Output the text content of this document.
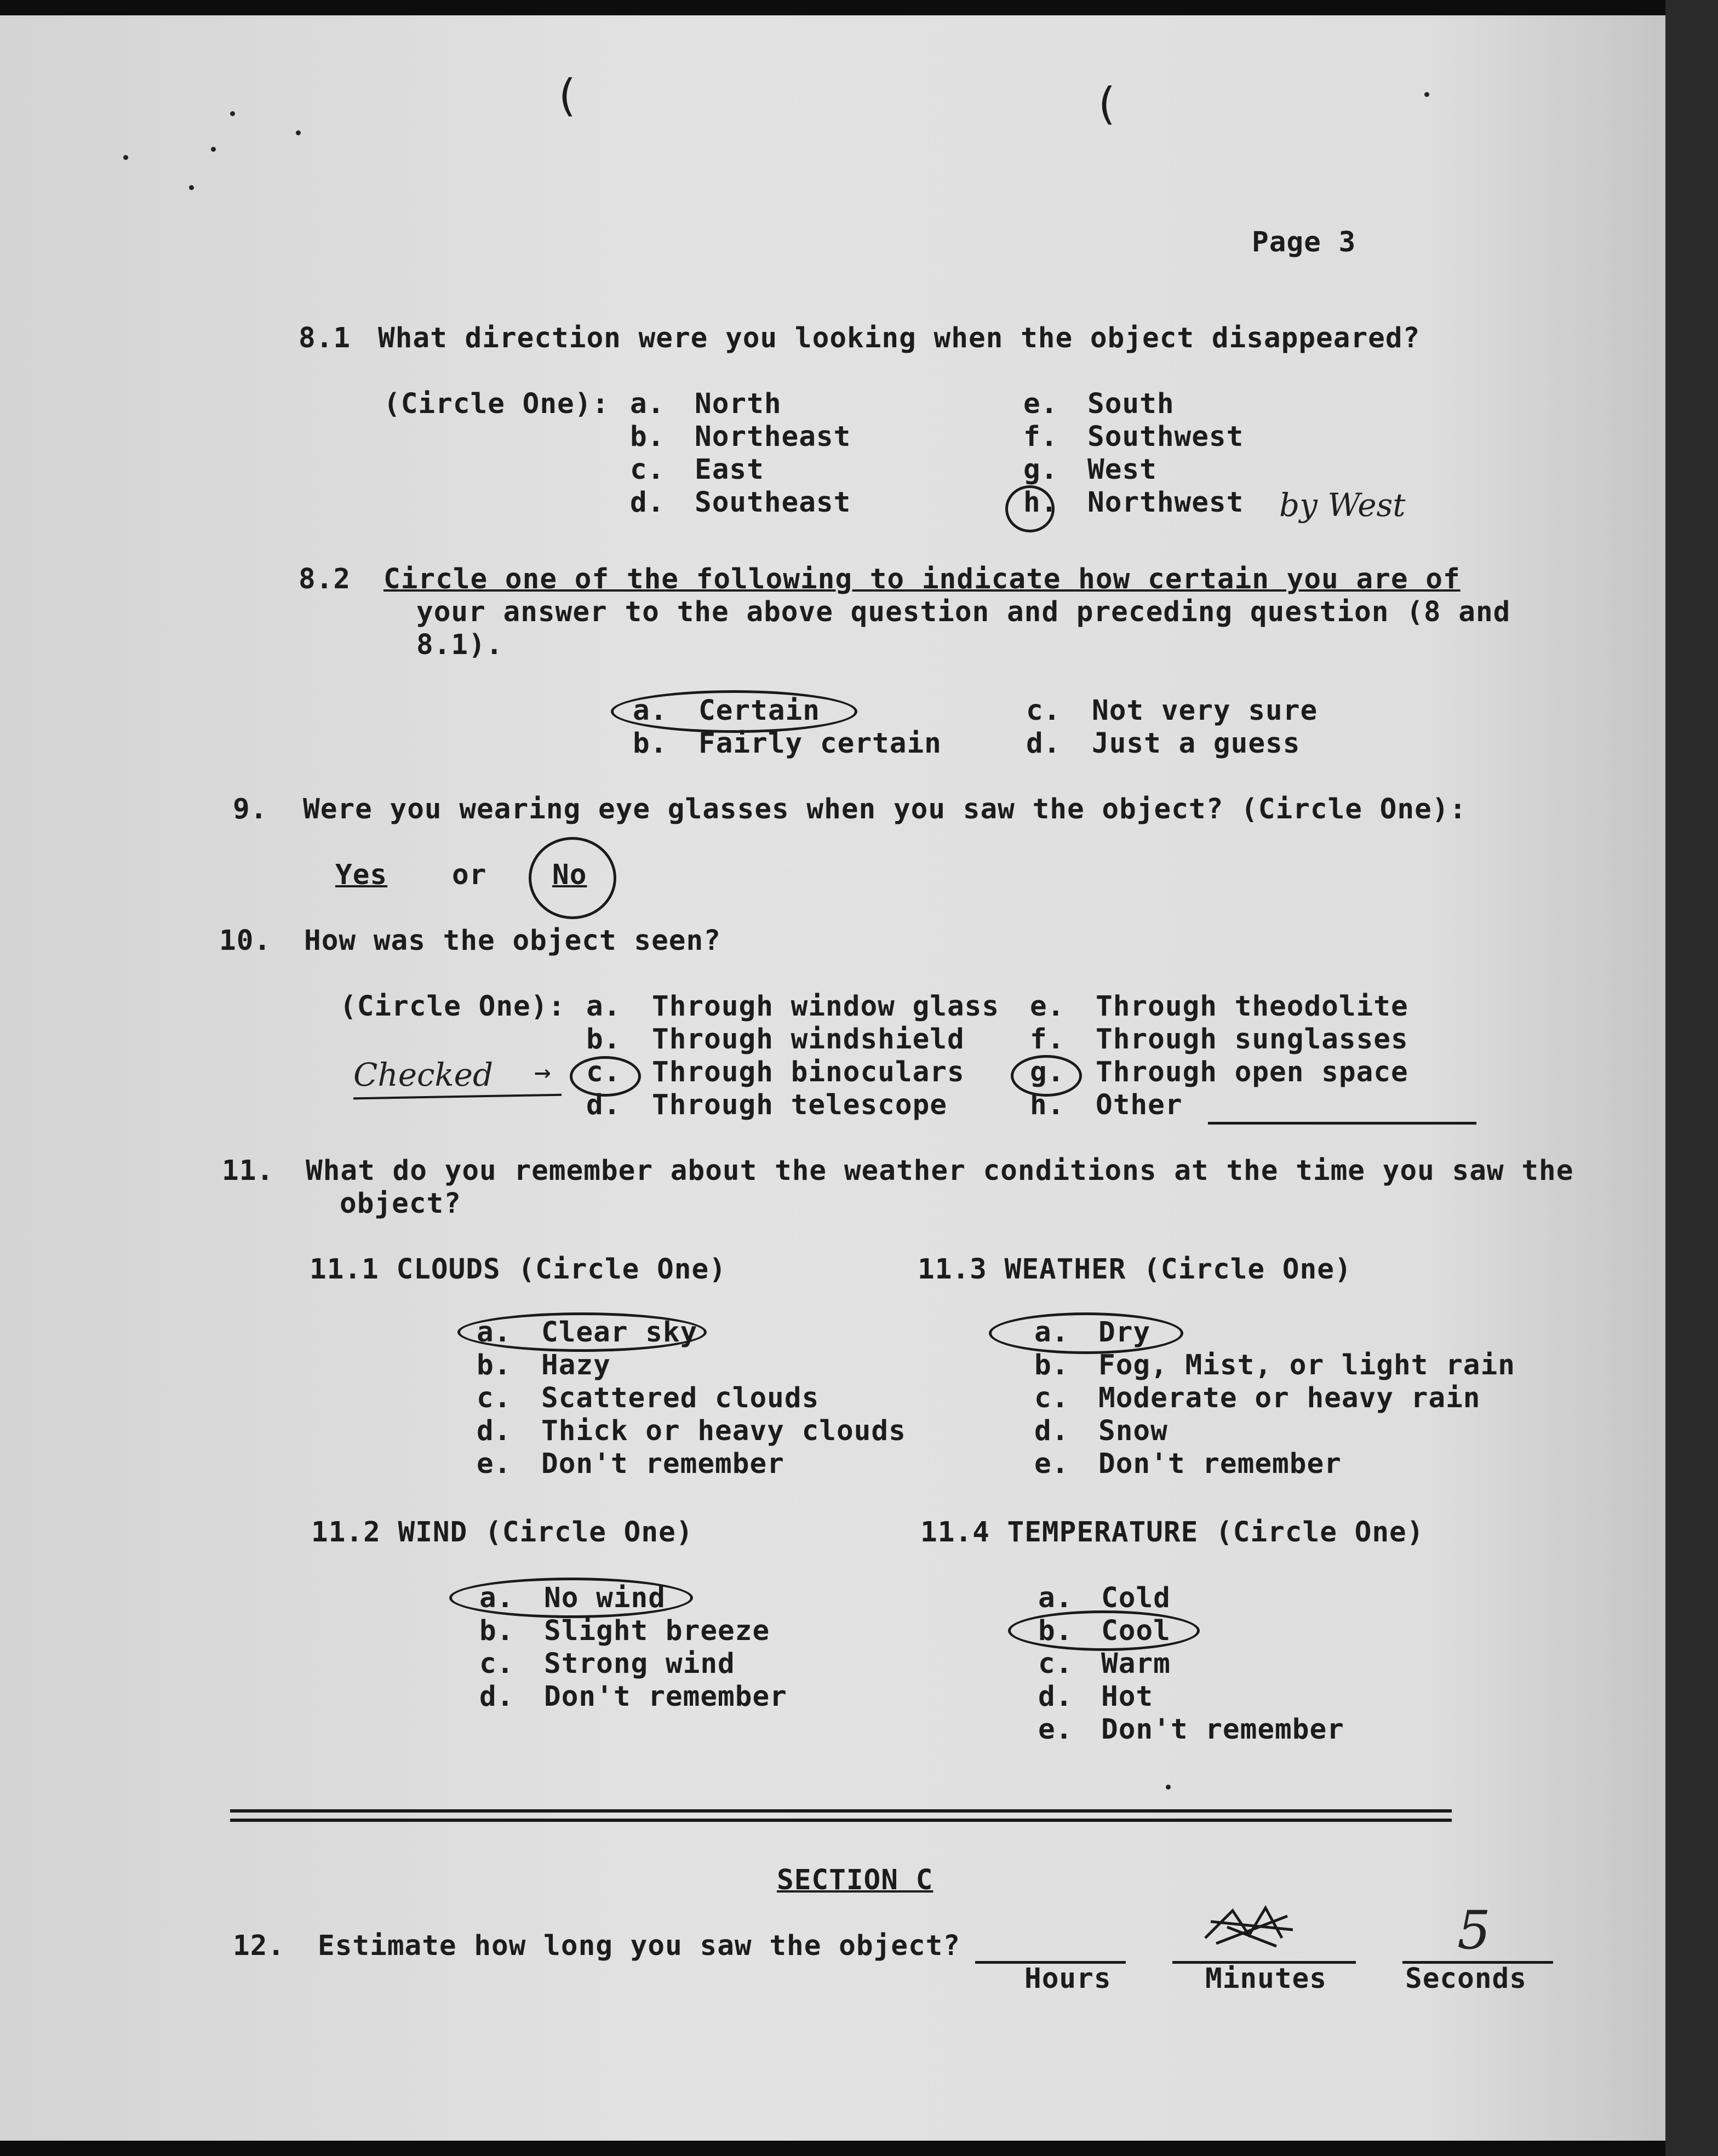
(	(
Page 3
8.1 What direction were you looking when the object disappeared?
(Circle One): a. North
b. Northeast
c. East
d. Southeast
e. South
f. Southwest
g. West
h. Northwest by West
8.2 Circle one of the following to indicate how certain you are of
your answer to the above question and preceding question (8 and
8.1).
a. Certain
b. Fairly certain
c. Not very sure
d. Just a guess
9. Were you wearing eye glasses when you saw the object? (Circle One):
Yes or No
10. How was the object seen?
(Circle One): a. Through window glass
b. Through windshield
c. Through binoculars
d. Through telescope
e. Through theodolite
f. Through sunglasses
g. Through open space
h. Other
Checked →
11. What do you remember about the weather conditions at the time you saw the
object?
11.1 CLOUDS (Circle One)
a. Clear sky
b. Hazy
c. Scattered clouds
d. Thick or heavy clouds
e. Don't remember
11.3 WEATHER (Circle One)
a. Dry
b. Fog, Mist, or light rain
c. Moderate or heavy rain
d. Snow
e. Don't remember
11.2 WIND (Circle One)
a. No wind
b. Slight breeze
c. Strong wind
d. Don't remember
11.4 TEMPERATURE (Circle One)
a. Cold
b. Cool
c. Warm
d. Hot
e. Don't remember
SECTION C
12. Estimate how long you saw the object?
Hours	Minutes	Seconds
5
